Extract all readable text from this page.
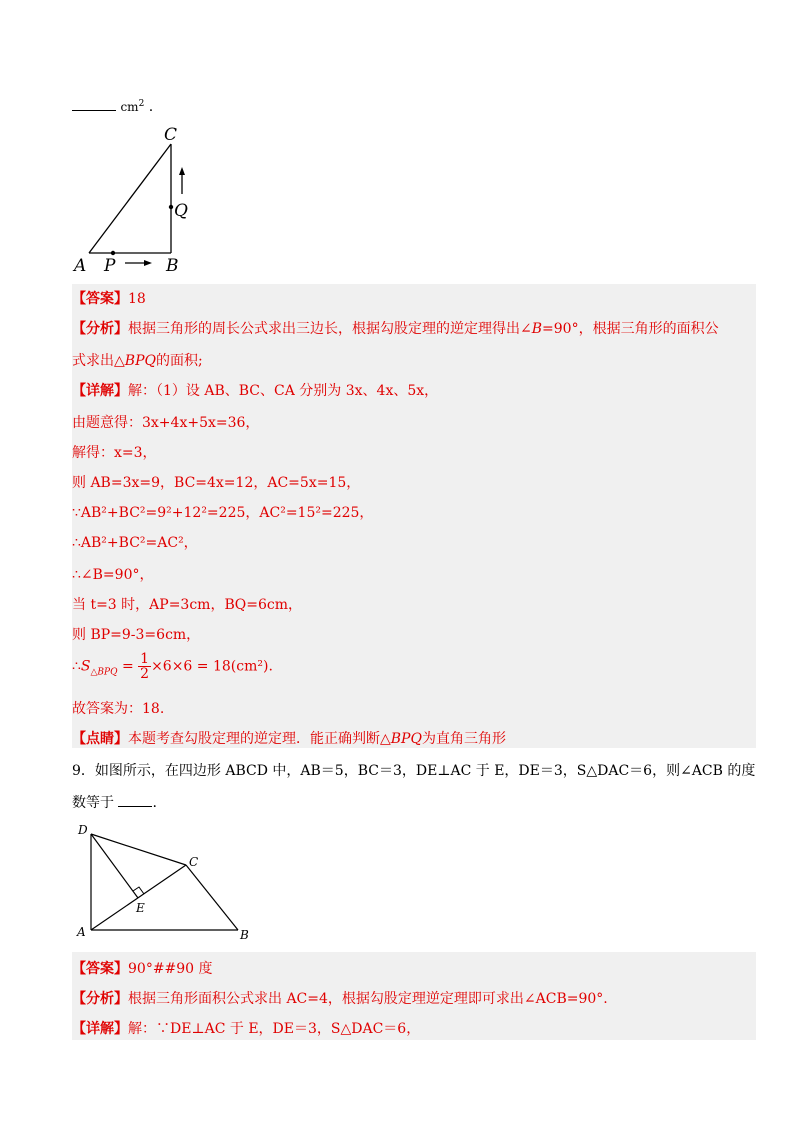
$cm^2$ .
C
Q
A P	B
【答案】18
【分析】根据三角形的周长公式求出三边长，根据勾股定理的逆定理得出∠B=90°，根据三角形的面积公
式求出△BPQ的面积;
【详解】解：（1）设 AB、BC、CA 分别为 3x、4x、5x，
由题意得：3x+4x+5x=36，
解得：x=3，
则 AB=3x=9，BC=4x=12，AC=5x=15，
∵AB²+BC²=9²+12²=225，AC²=15²=225，
∴AB²+BC²=AC²，
∴∠B=90°，
当 t=3 时，AP=3cm，BQ=6cm，
则 BP=9-3=6cm，
$\therefore S_{\triangle BPQ} = \frac{1}{2} \times 6\times 6 = 18(cm^2)$.
故答案为：18.
【点睛】本题考查勾股定理的逆定理．能正确判断△BPQ为直角三角形
9．如图所示，在四边形 ABCD 中，AB＝5，BC＝3，DE⊥AC 于 E，DE＝3，S△DAC＝6，则∠ACB 的度
数等于	.
D
C
E
A	B
【答案】90°##90 度
【分析】根据三角形面积公式求出 AC=4，根据勾股定理逆定理即可求出∠ACB=90°.
【详解】解：∵DE⊥AC 于 E，DE＝3，S△DAC＝6，
